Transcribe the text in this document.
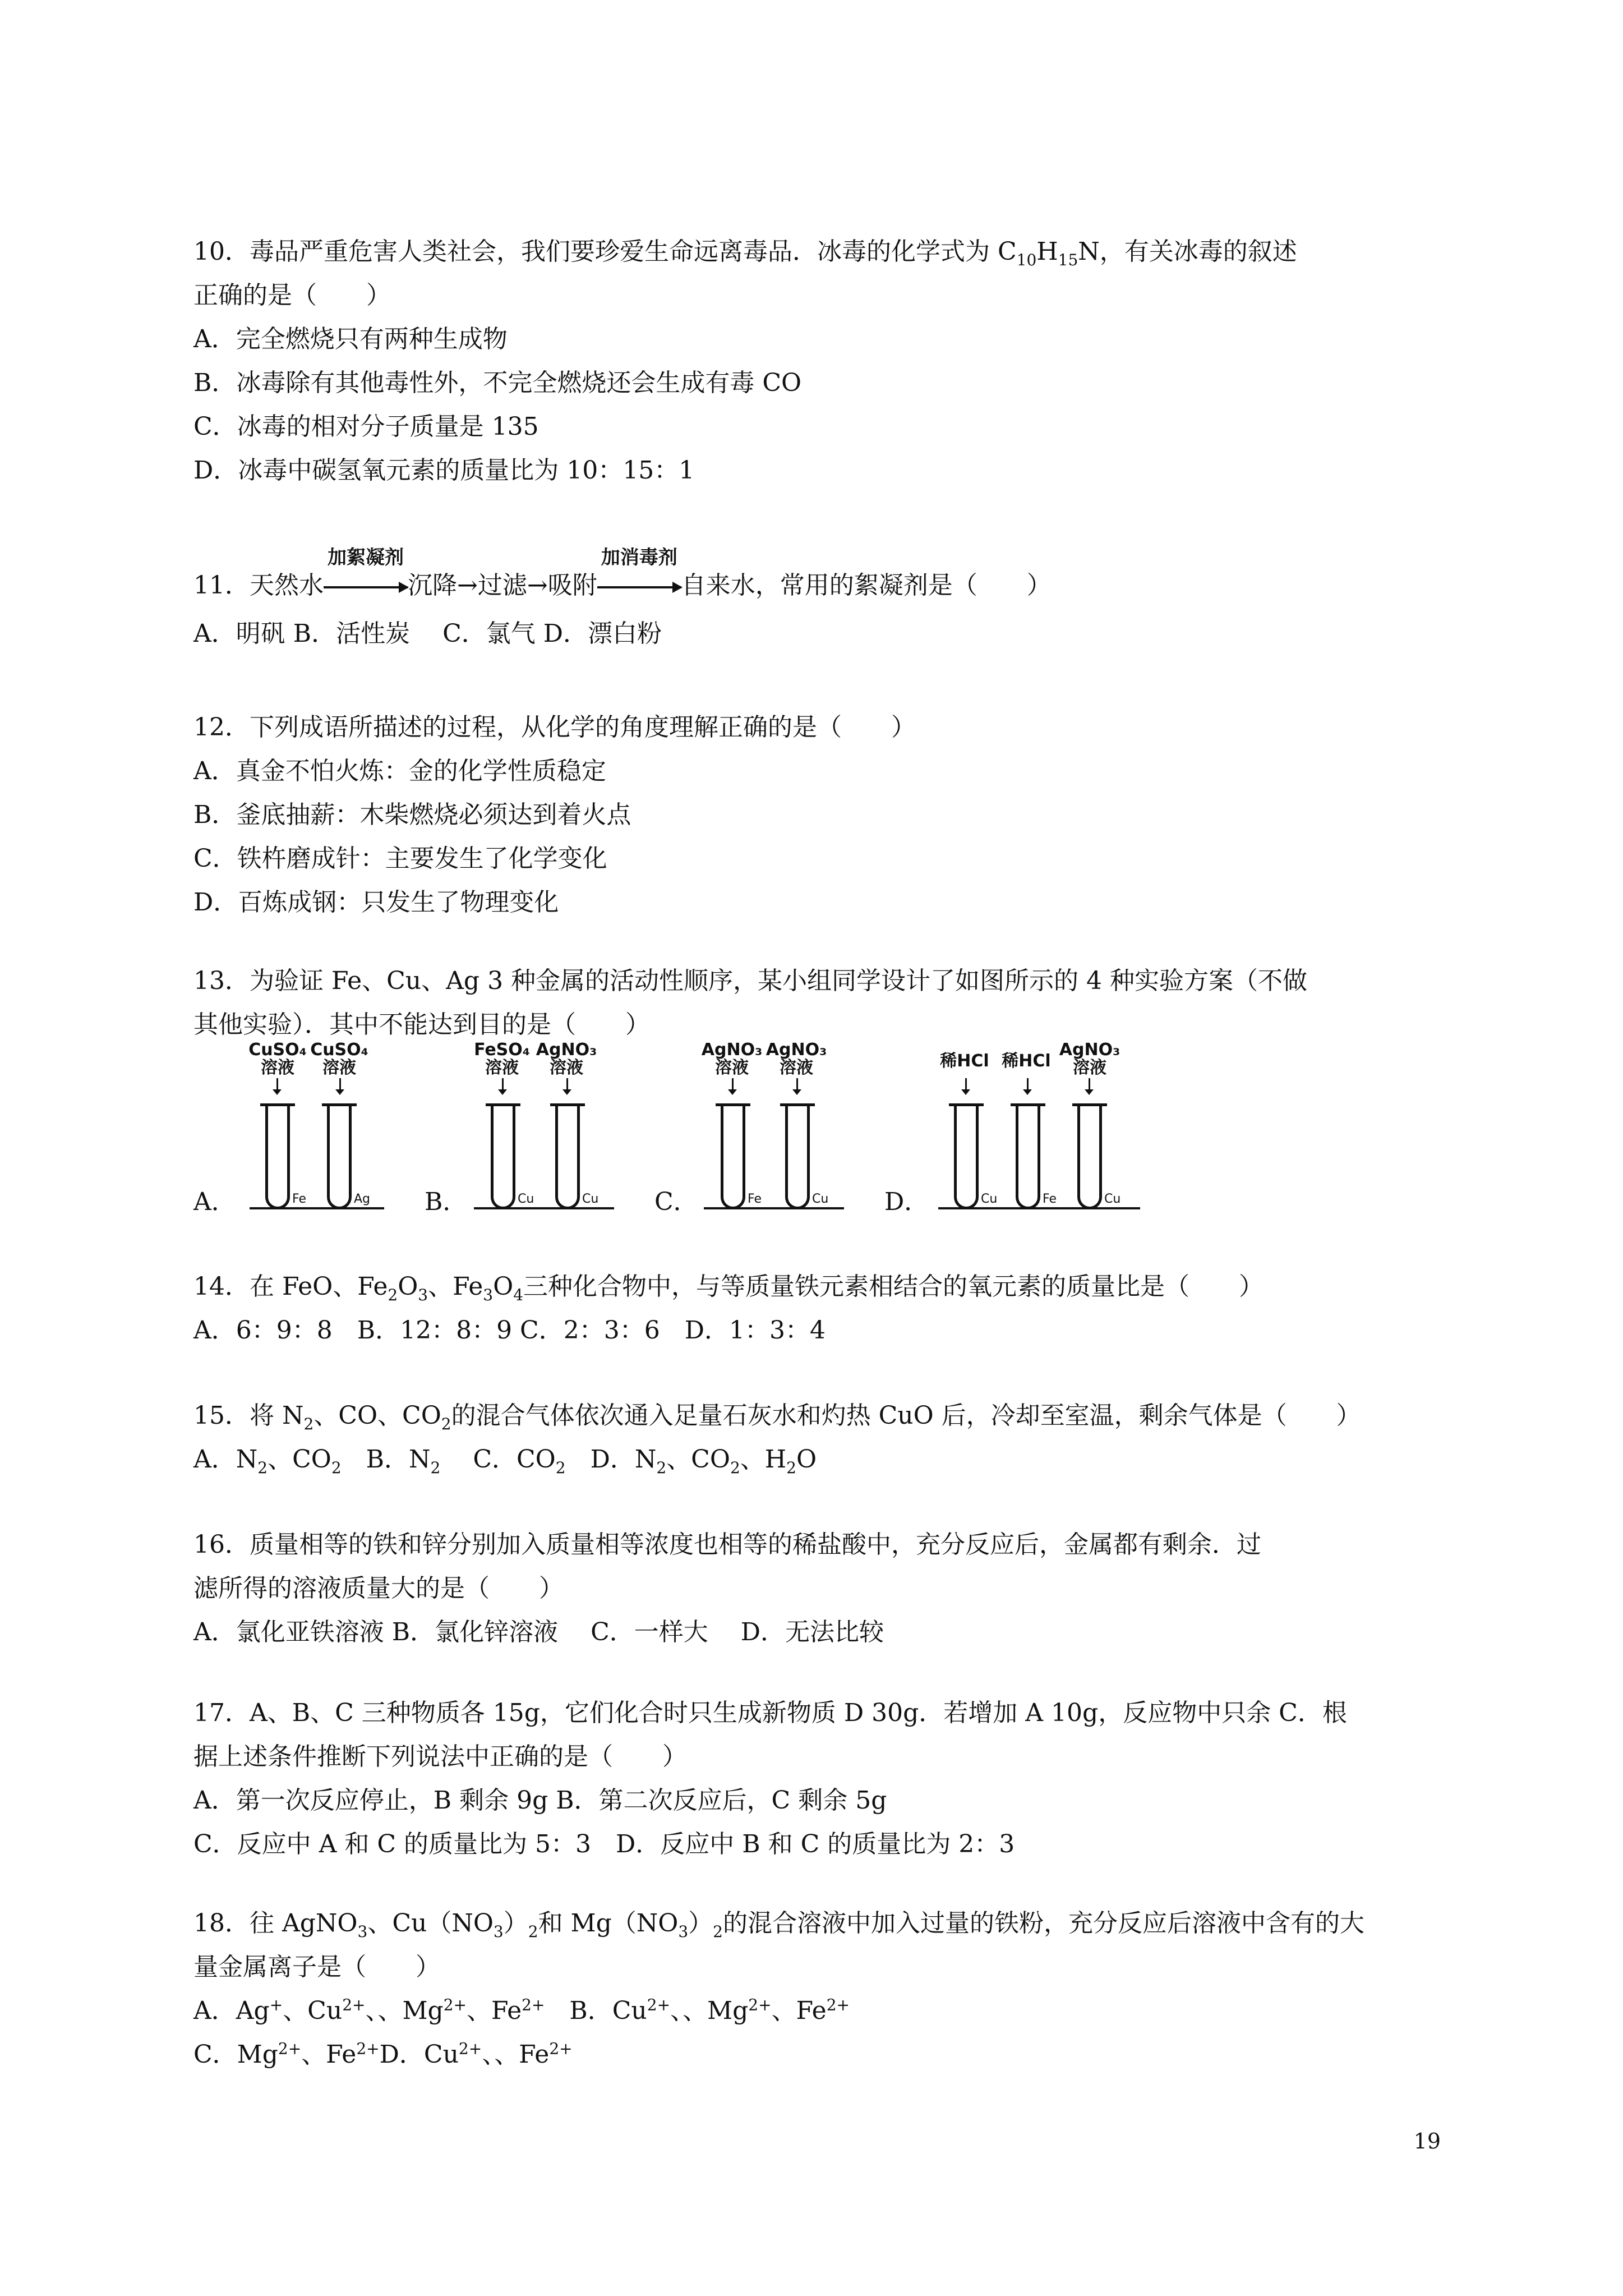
10．毒品严重危害人类社会，我们要珍爱生命远离毒品．冰毒的化学式为 $C_{10}H_{15}N$，有关冰毒的叙述
正确的是（　　）
A．完全燃烧只有两种生成物
B．冰毒除有其他毒性外，不完全燃烧还会生成有毒 CO
C．冰毒的相对分子质量是 135
D．冰毒中碳氢氧元素的质量比为 10：15：1
11．天然水
加絮凝剂
沉降→过滤→吸附
加消毒剂
自来水，常用的絮凝剂是（　　）
A．明矾 B．活性炭　 C．氯气 D．漂白粉
12．下列成语所描述的过程，从化学的角度理解正确的是（　　）
A．真金不怕火炼：金的化学性质稳定
B．釜底抽薪：木柴燃烧必须达到着火点
C．铁杵磨成针：主要发生了化学变化
D．百炼成钢：只发生了物理变化
13．为验证 Fe、Cu、Ag 3 种金属的活动性顺序，某小组同学设计了如图所示的 4 种实验方案（不做
其他实验）．其中不能达到目的是（　　）
A．
CuSO₄
溶液
CuSO₄
溶液
Fe	Ag B．
FeSO₄
溶液
AgNO₃
溶液
Cu	Cu C．
AgNO₃
溶液
AgNO₃
溶液
Fe	Cu D．
稀HCl 稀HCl
AgNO₃
溶液
Cu	Fe	Cu
14．在 FeO、$Fe_2O_3$、$Fe_3O_4$三种化合物中，与等质量铁元素相结合的氧元素的质量比是（　　）
A．6：9：8　B．12：8：9 C．2：3：6　D．1：3：4
15．将 $N_2$、CO、$CO_2$的混合气体依次通入足量石灰水和灼热 CuO 后，冷却至室温，剩余气体是（　　）
A．$N_2$、$CO_2$　B．$N_2$　 C．$CO_2$　D．$N_2$、$CO_2$、$H_2O$
16．质量相等的铁和锌分别加入质量相等浓度也相等的稀盐酸中，充分反应后，金属都有剩余．过
滤所得的溶液质量大的是（　　）
A．氯化亚铁溶液 B．氯化锌溶液　 C．一样大　 D．无法比较
17．A、B、C 三种物质各 15g，它们化合时只生成新物质 D 30g．若增加 A 10g，反应物中只余 C．根
据上述条件推断下列说法中正确的是（　　）
A．第一次反应停止，B 剩余 9g B．第二次反应后，C 剩余 5g
C．反应中 A 和 C 的质量比为 5：3　D．反应中 B 和 C 的质量比为 2：3
18．往 AgNO$_3$、$Cu(NO_3)_2$和 $Mg(NO_3)_2$的混合溶液中加入过量的铁粉，充分反应后溶液中含有的大
量金属离子是（　　）
A．Ag+、$Cu^{2+}$、、$Mg^{2+}$、$Fe^{2+}$　B．$Cu^{2+}$、、$Mg^{2+}$、$Fe^{2+}$
C．$Mg^{2+}$、$Fe^{2+}D$．$Cu^{2+}$、、$Fe^{2+}$
19
